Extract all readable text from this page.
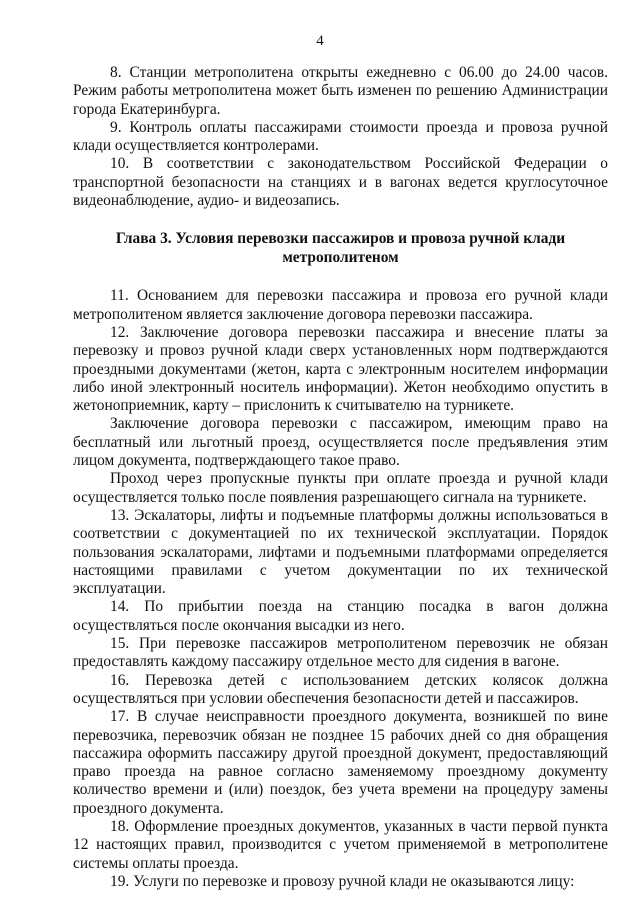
4

8. Станции метрополитена открыты ежедневно с 06.00 до 24.00 часов. Режим работы метрополитена может быть изменен по решению Администрации города Екатеринбурга.

9. Контроль оплаты пассажирами стоимости проезда и провоза ручной клади осуществляется контролерами.

10. В соответствии с законодательством Российской Федерации о транспортной безопасности на станциях и в вагонах ведется круглосуточное видеонаблюдение, аудио- и видеозапись.

Глава 3. Условия перевозки пассажиров и провоза ручной клади метрополитеном

11. Основанием для перевозки пассажира и провоза его ручной клади метрополитеном является заключение договора перевозки пассажира.

12. Заключение договора перевозки пассажира и внесение платы за перевозку и провоз ручной клади сверх установленных норм подтверждаются проездными документами (жетон, карта с электронным носителем информации либо иной электронный носитель информации). Жетон необходимо опустить в жетоноприемник, карту – прислонить к считывателю на турникете.

Заключение договора перевозки с пассажиром, имеющим право на бесплатный или льготный проезд, осуществляется после предъявления этим лицом документа, подтверждающего такое право.

Проход через пропускные пункты при оплате проезда и ручной клади осуществляется только после появления разрешающего сигнала на турникете.

13. Эскалаторы, лифты и подъемные платформы должны использоваться в соответствии с документацией по их технической эксплуатации. Порядок пользования эскалаторами, лифтами и подъемными платформами определяется настоящими правилами с учетом документации по их технической эксплуатации.

14. По прибытии поезда на станцию посадка в вагон должна осуществляться после окончания высадки из него.

15. При перевозке пассажиров метрополитеном перевозчик не обязан предоставлять каждому пассажиру отдельное место для сидения в вагоне.

16. Перевозка детей с использованием детских колясок должна осуществляться при условии обеспечения безопасности детей и пассажиров.

17. В случае неисправности проездного документа, возникшей по вине перевозчика, перевозчик обязан не позднее 15 рабочих дней со дня обращения пассажира оформить пассажиру другой проездной документ, предоставляющий право проезда на равное согласно заменяемому проездному документу количество времени и (или) поездок, без учета времени на процедуру замены проездного документа.

18. Оформление проездных документов, указанных в части первой пункта 12 настоящих правил, производится с учетом применяемой в метрополитене системы оплаты проезда.

19. Услуги по перевозке и провозу ручной клади не оказываются лицу:
